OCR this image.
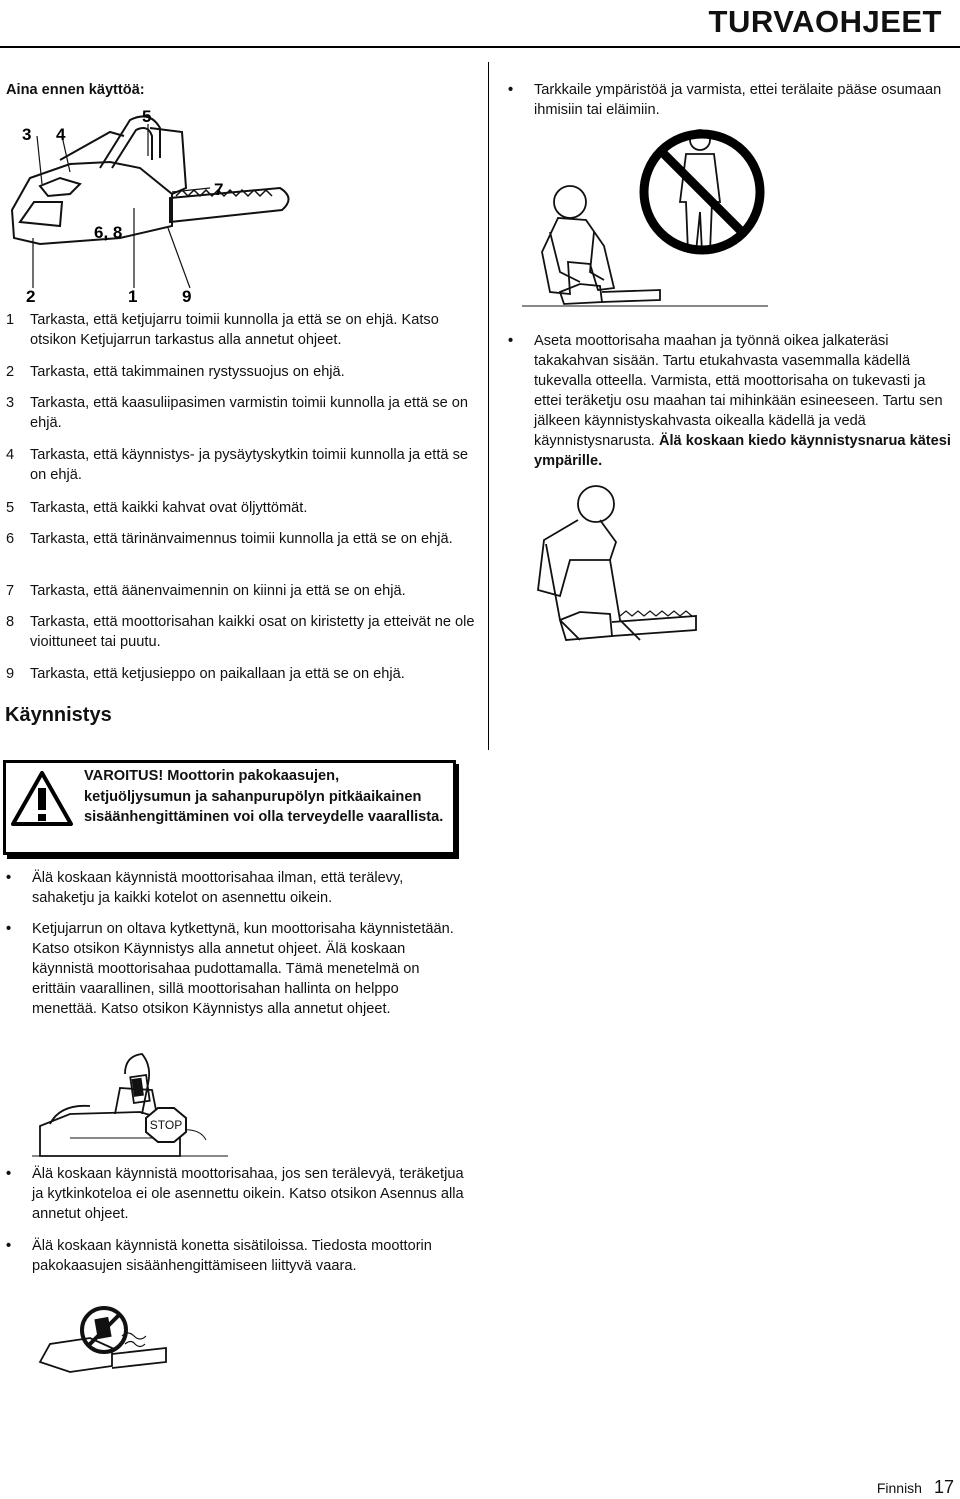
TURVAOHJEET
Aina ennen käyttöä:
3 4
5
7
6, 8
2	1	9
1 Tarkasta, että ketjujarru toimii kunnolla ja että se on ehjä. Katso otsikon Ketjujarrun tarkastus alla annetut ohjeet.
2 Tarkasta, että takimmainen rystyssuojus on ehjä.
3 Tarkasta, että kaasuliipasimen varmistin toimii kunnolla ja että se on ehjä.
4 Tarkasta, että käynnistys- ja pysäytyskytkin toimii kunnolla ja että se on ehjä.
5 Tarkasta, että kaikki kahvat ovat öljyttömät.
6 Tarkasta, että tärinänvaimennus toimii kunnolla ja että se on ehjä.
7 Tarkasta, että äänenvaimennin on kiinni ja että se on ehjä.
8 Tarkasta, että moottorisahan kaikki osat on kiristetty ja etteivät ne ole vioittuneet tai puutu.
9 Tarkasta, että ketjusieppo on paikallaan ja että se on ehjä.
Käynnistys
VAROITUS! Moottorin pakokaasujen, ketjuöljysumun ja sahanpurupölyn pitkäaikainen sisäänhengittäminen voi olla terveydelle vaarallista.
• Älä koskaan käynnistä moottorisahaa ilman, että terälevy, sahaketju ja kaikki kotelot on asennettu oikein.
• Ketjujarrun on oltava kytkettynä, kun moottorisaha käynnistetään. Katso otsikon Käynnistys alla annetut ohjeet. Älä koskaan käynnistä moottorisahaa pudottamalla. Tämä menetelmä on erittäin vaarallinen, sillä moottorisahan hallinta on helppo menettää. Katso otsikon Käynnistys alla annetut ohjeet.
STOP
• Älä koskaan käynnistä moottorisahaa, jos sen terälevyä, teräketjua ja kytkinkoteloa ei ole asennettu oikein. Katso otsikon Asennus alla annetut ohjeet.
• Älä koskaan käynnistä konetta sisätiloissa. Tiedosta moottorin pakokaasujen sisäänhengittämiseen liittyvä vaara.
• Tarkkaile ympäristöä ja varmista, ettei terälaite pääse osumaan ihmisiin tai eläimiin.
• Aseta moottorisaha maahan ja työnnä oikea jalkateräsi takakahvan sisään. Tartu etukahvasta vasemmalla kädellä tukevalla otteella. Varmista, että moottorisaha on tukevasti ja ettei teräketju osu maahan tai mihinkään esineeseen. Tartu sen jälkeen käynnistyskahvasta oikealla kädellä ja vedä käynnistysnarusta. Älä koskaan kiedo käynnistysnarua kätesi ympärille.
Finnish 17
